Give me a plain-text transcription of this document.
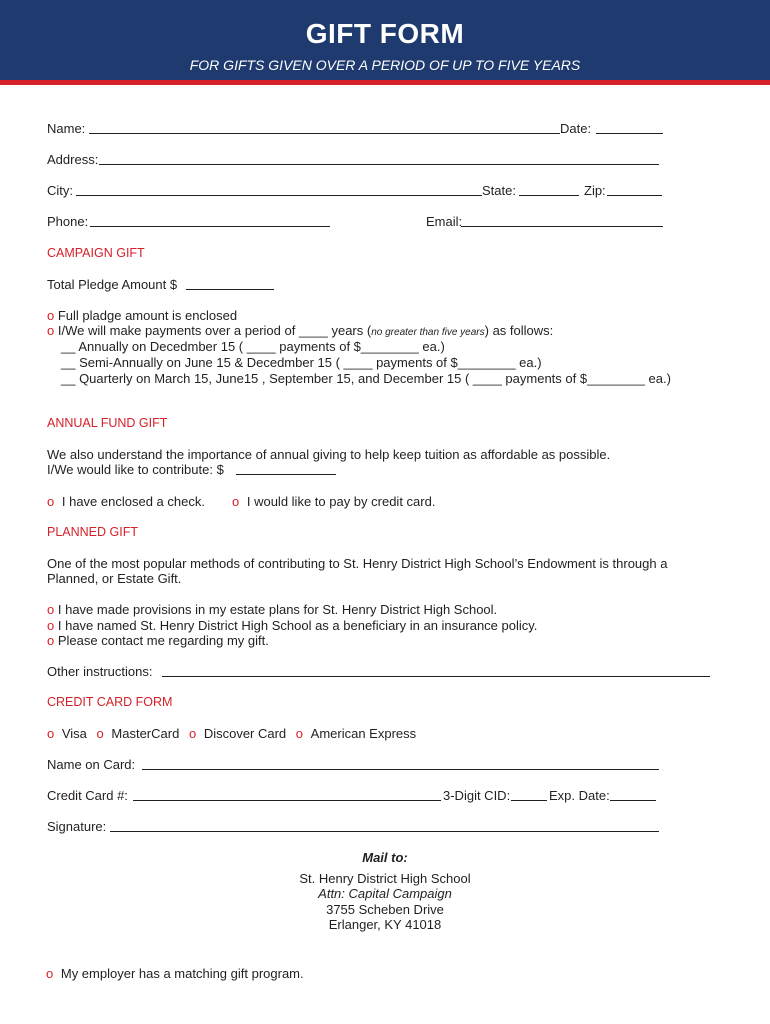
GIFT FORM
FOR GIFTS GIVEN OVER A PERIOD OF UP TO FIVE YEARS
Name:	Date:
Address:
City:	State:	Zip:
Phone:	Email:
CAMPAIGN GIFT
Total Pledge Amount $
o Full pladge amount is enclosed
o I/We will make payments over a period of ____ years (no greater than five years) as follows:
__ Annually on Decedmber 15 ( ____ payments of $________ ea.)
__ Semi-Annually on June 15 & Decedmber 15 ( ____ payments of $________ ea.)
__ Quarterly on March 15, June15 , September 15, and December 15 ( ____ payments of $________ ea.)
ANNUAL FUND GIFT
We also understand the importance of annual giving to help keep tuition as affordable as possible.
I/We would like to contribute: $
o I have enclosed a check. o I would like to pay by credit card.
PLANNED GIFT
One of the most popular methods of contributing to St. Henry District High School’s Endowment is through a
Planned, or Estate Gift.
o I have made provisions in my estate plans for St. Henry District High School.
o I have named St. Henry District High School as a beneficiary in an insurance policy.
o Please contact me regarding my gift.
Other instructions:
CREDIT CARD FORM
o Visa o MasterCard o Discover Card o American Express
Name on Card:
Credit Card #:	3-Digit CID:	Exp. Date:
Signature:
Mail to:
St. Henry District High School
Attn: Capital Campaign
3755 Scheben Drive
Erlanger, KY 41018
o My employer has a matching gift program.
